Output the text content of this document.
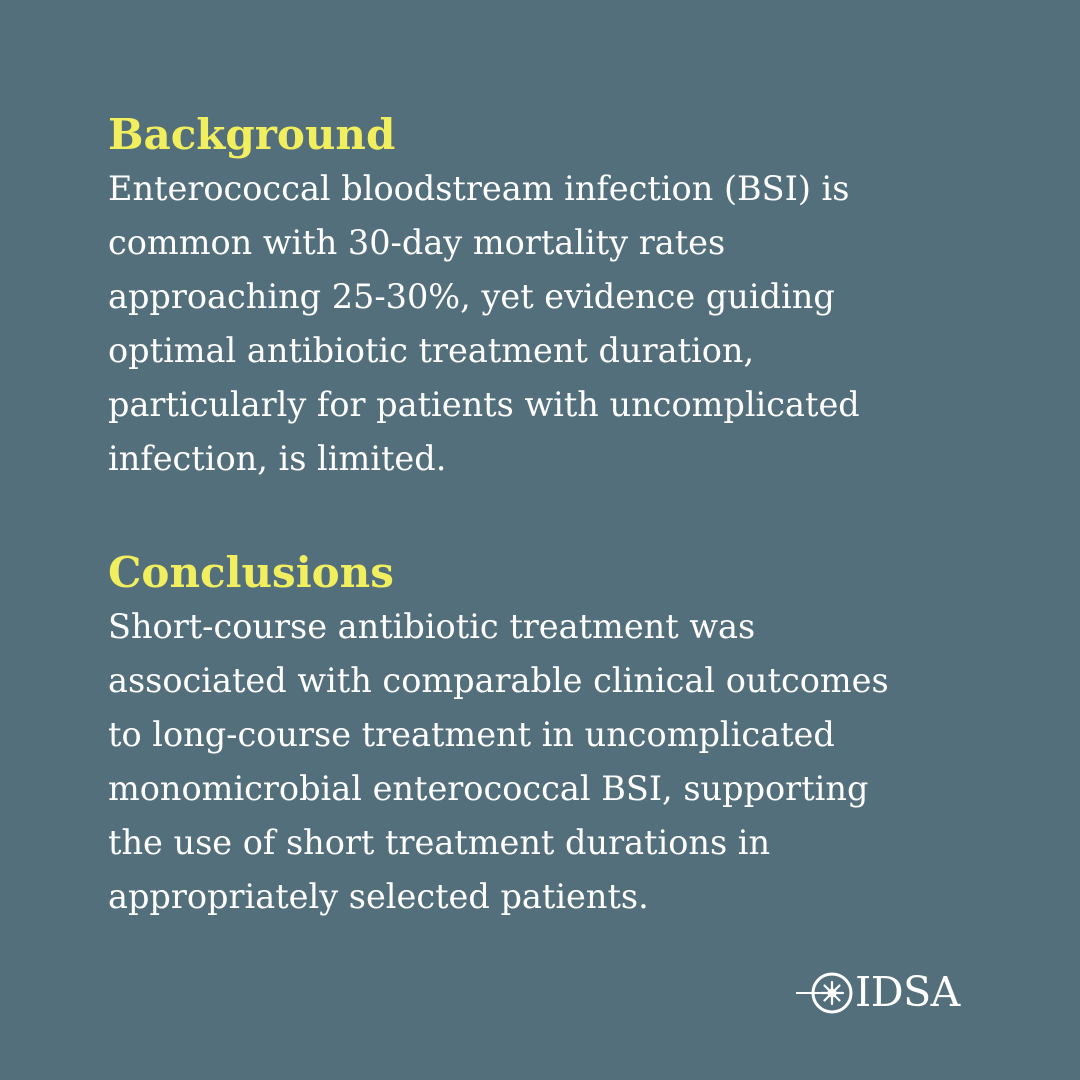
Background
Enterococcal bloodstream infection (BSI) is
common with 30-day mortality rates
approaching 25-30%, yet evidence guiding
optimal antibiotic treatment duration,
particularly for patients with uncomplicated
infection, is limited.
Conclusions
Short-course antibiotic treatment was
associated with comparable clinical outcomes
to long-course treatment in uncomplicated
monomicrobial enterococcal BSI, supporting
the use of short treatment durations in
appropriately selected patients.
IDSA
